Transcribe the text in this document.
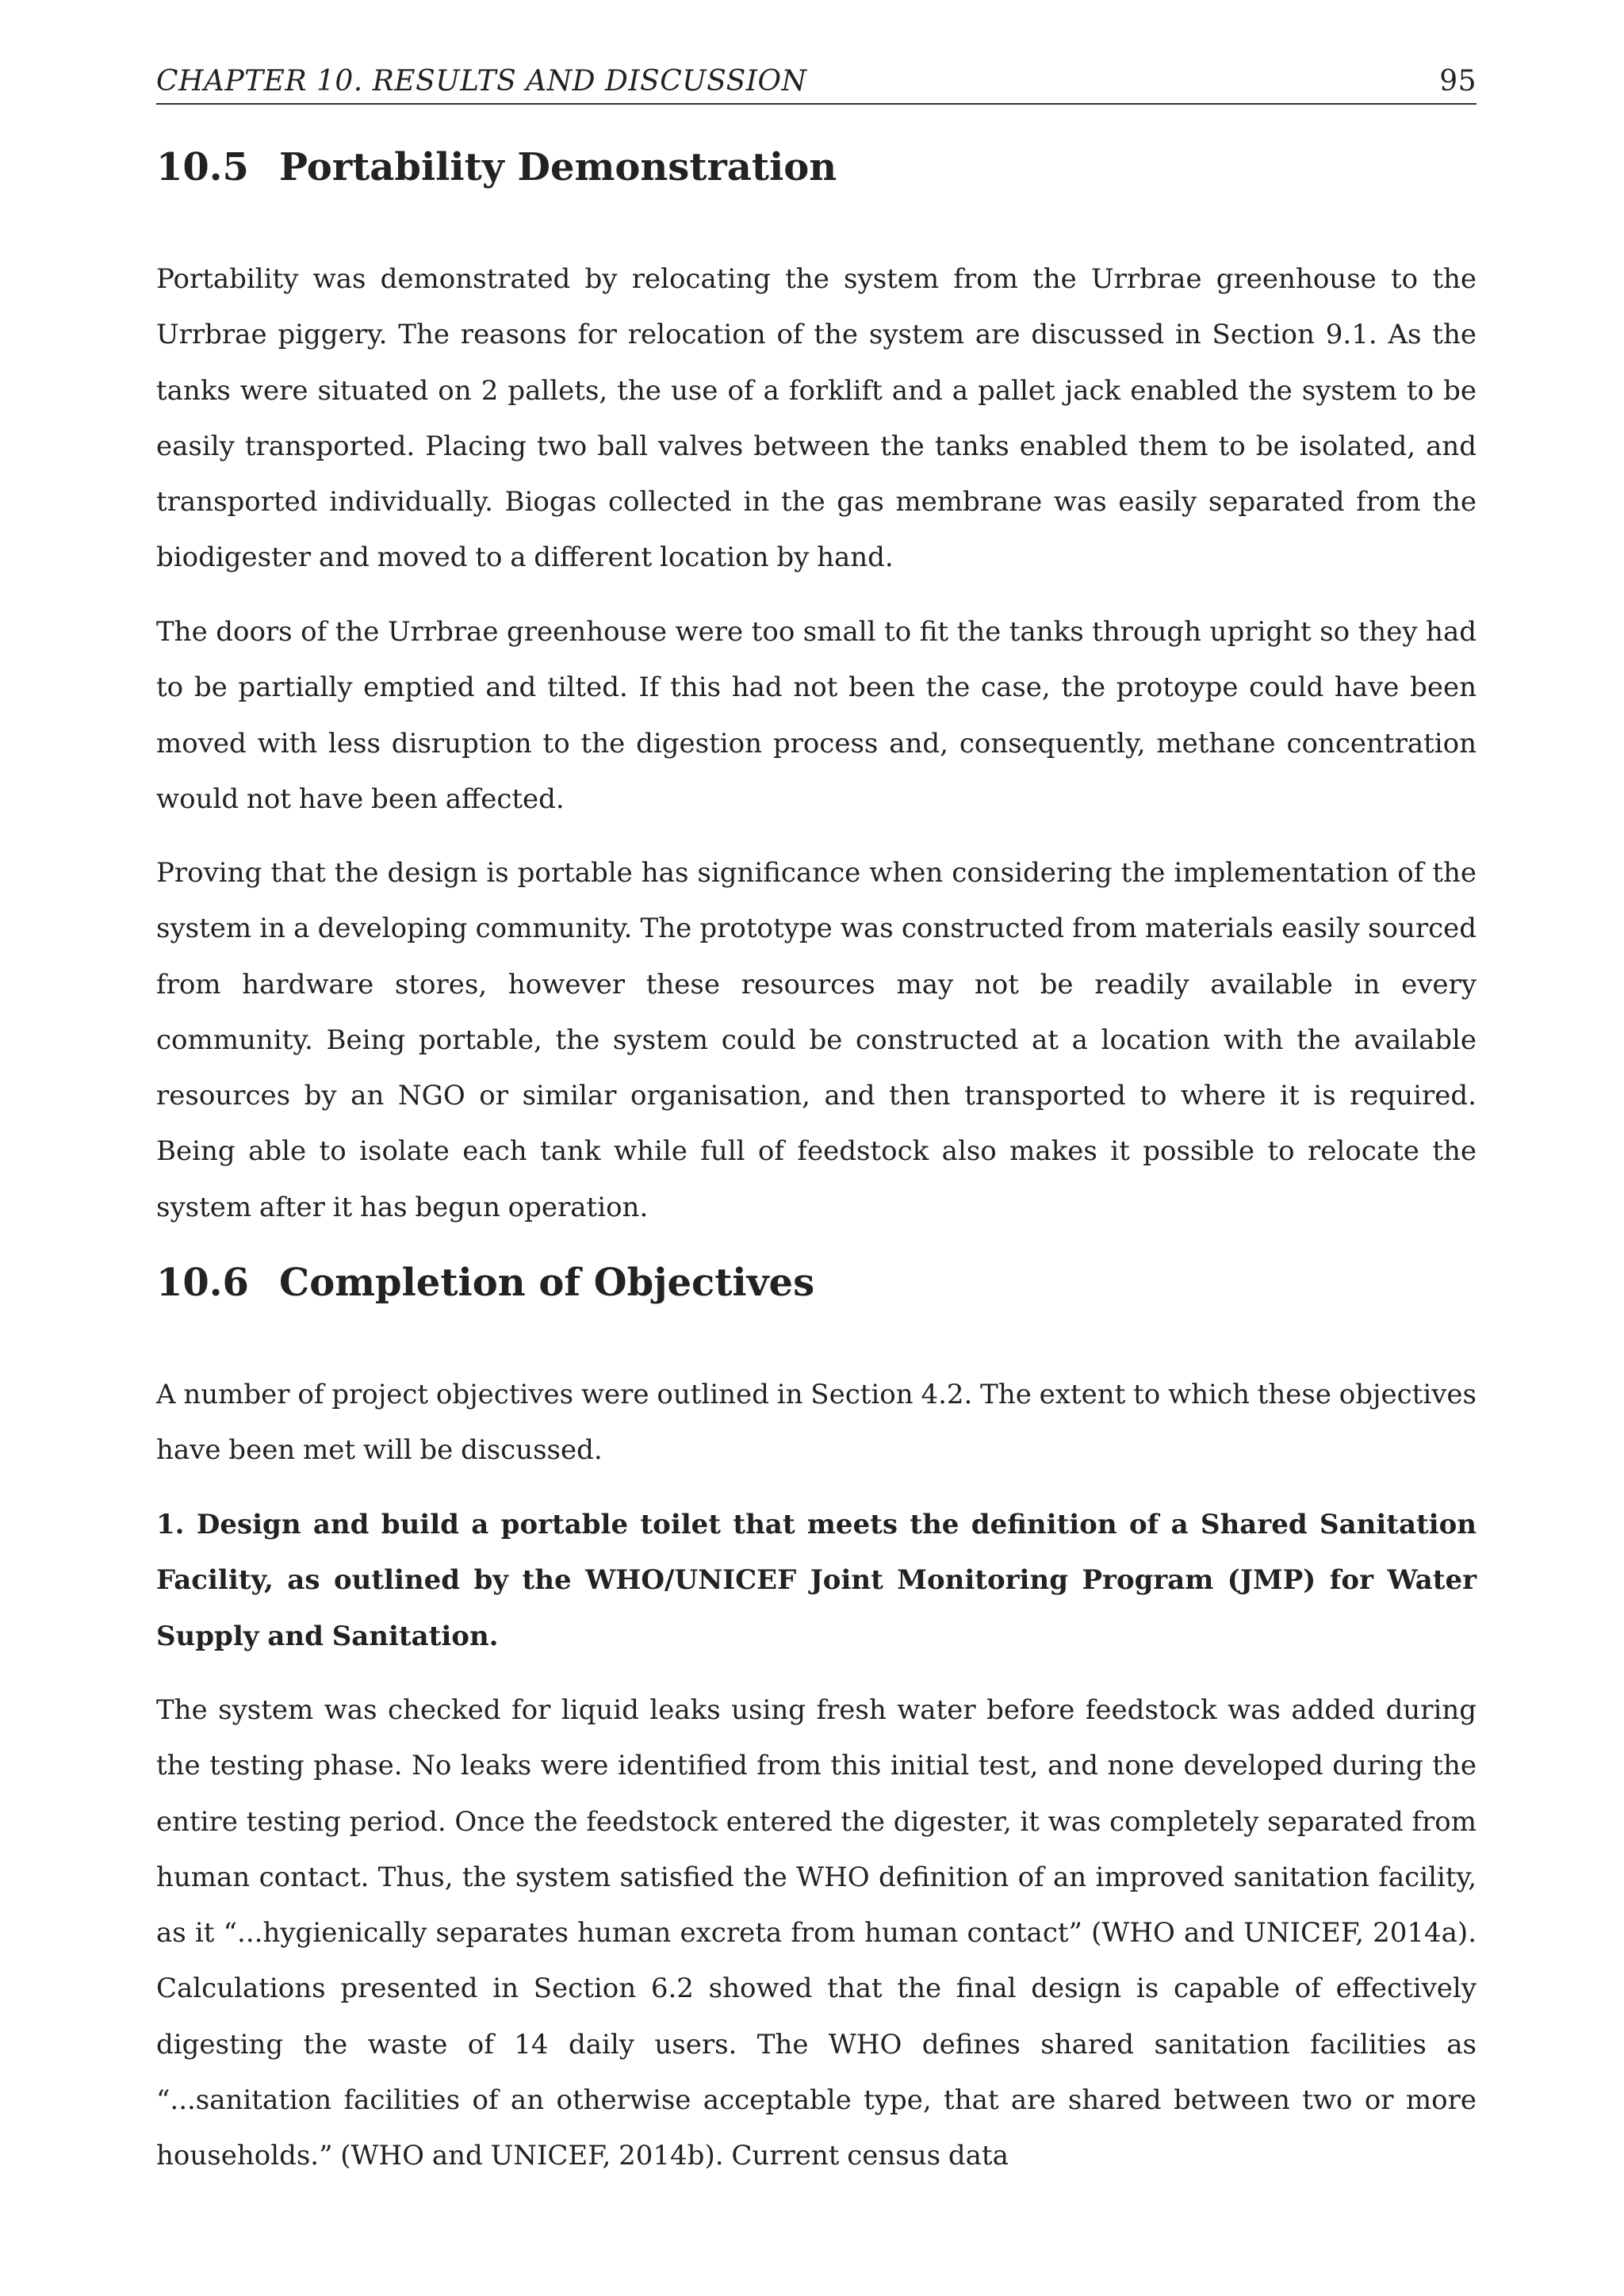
CHAPTER 10. RESULTS AND DISCUSSION	95
10.5 Portability Demonstration

Portability was demonstrated by relocating the system from the Urrbrae greenhouse to the Urrbrae piggery. The reasons for relocation of the system are discussed in Section 9.1. As the tanks were situated on 2 pallets, the use of a forklift and a pallet jack enabled the system to be easily transported. Placing two ball valves between the tanks enabled them to be isolated, and transported individually. Biogas collected in the gas membrane was easily separated from the biodigester and moved to a different location by hand.

The doors of the Urrbrae greenhouse were too small to fit the tanks through upright so they had to be partially emptied and tilted. If this had not been the case, the protoype could have been moved with less disruption to the digestion process and, consequently, methane concentration would not have been affected.

Proving that the design is portable has significance when considering the implementation of the system in a developing community. The prototype was constructed from materials easily sourced from hardware stores, however these resources may not be readily available in every community. Being portable, the system could be constructed at a location with the available resources by an NGO or similar organisation, and then transported to where it is required. Being able to isolate each tank while full of feedstock also makes it possible to relocate the system after it has begun operation.

10.6 Completion of Objectives

A number of project objectives were outlined in Section 4.2. The extent to which these objectives have been met will be discussed.

1. Design and build a portable toilet that meets the definition of a Shared Sanitation Facility, as outlined by the WHO/UNICEF Joint Monitoring Program (JMP) for Water Supply and Sanitation.

The system was checked for liquid leaks using fresh water before feedstock was added during the testing phase. No leaks were identified from this initial test, and none developed during the entire testing period. Once the feedstock entered the digester, it was completely separated from human contact. Thus, the system satisfied the WHO definition of an improved sanitation facility, as it “...hygienically separates human excreta from human contact” (WHO and UNICEF, 2014a). Calculations presented in Section 6.2 showed that the final design is capable of effectively digesting the waste of 14 daily users. The WHO defines shared sanitation facilities as “...sanitation facilities of an otherwise acceptable type, that are shared between two or more households.” (WHO and UNICEF, 2014b). Current census data
